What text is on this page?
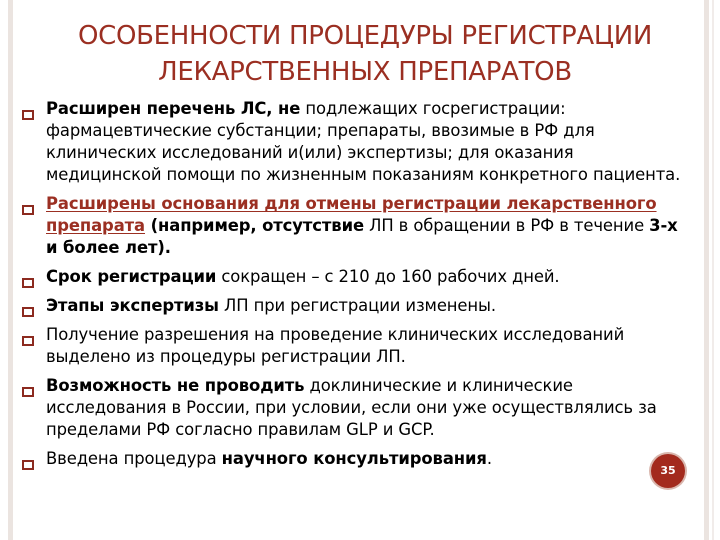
ОСОБЕННОСТИ ПРОЦЕДУРЫ РЕГИСТРАЦИИ
ЛЕКАРСТВЕННЫХ ПРЕПАРАТОВ
Расширен перечень ЛС, не подлежащих госрегистрации: фармацевтические субстанции; препараты, ввозимые в РФ для клинических исследований и(или) экспертизы; для оказания медицинской помощи по жизненным показаниям конкретного пациента.
Расширены основания для отмены регистрации лекарственного препарата (например, отсутствие ЛП в обращении в РФ в течение 3-х и более лет).
Срок регистрации сокращен – с 210 до 160 рабочих дней.
Этапы экспертизы ЛП при регистрации изменены.
Получение разрешения на проведение клинических исследований выделено из процедуры регистрации ЛП.
Возможность не проводить доклинические и клинические исследования в России, при условии, если они уже осуществлялись за пределами РФ согласно правилам GLP и GCP.
Введена процедура научного консультирования.
35
